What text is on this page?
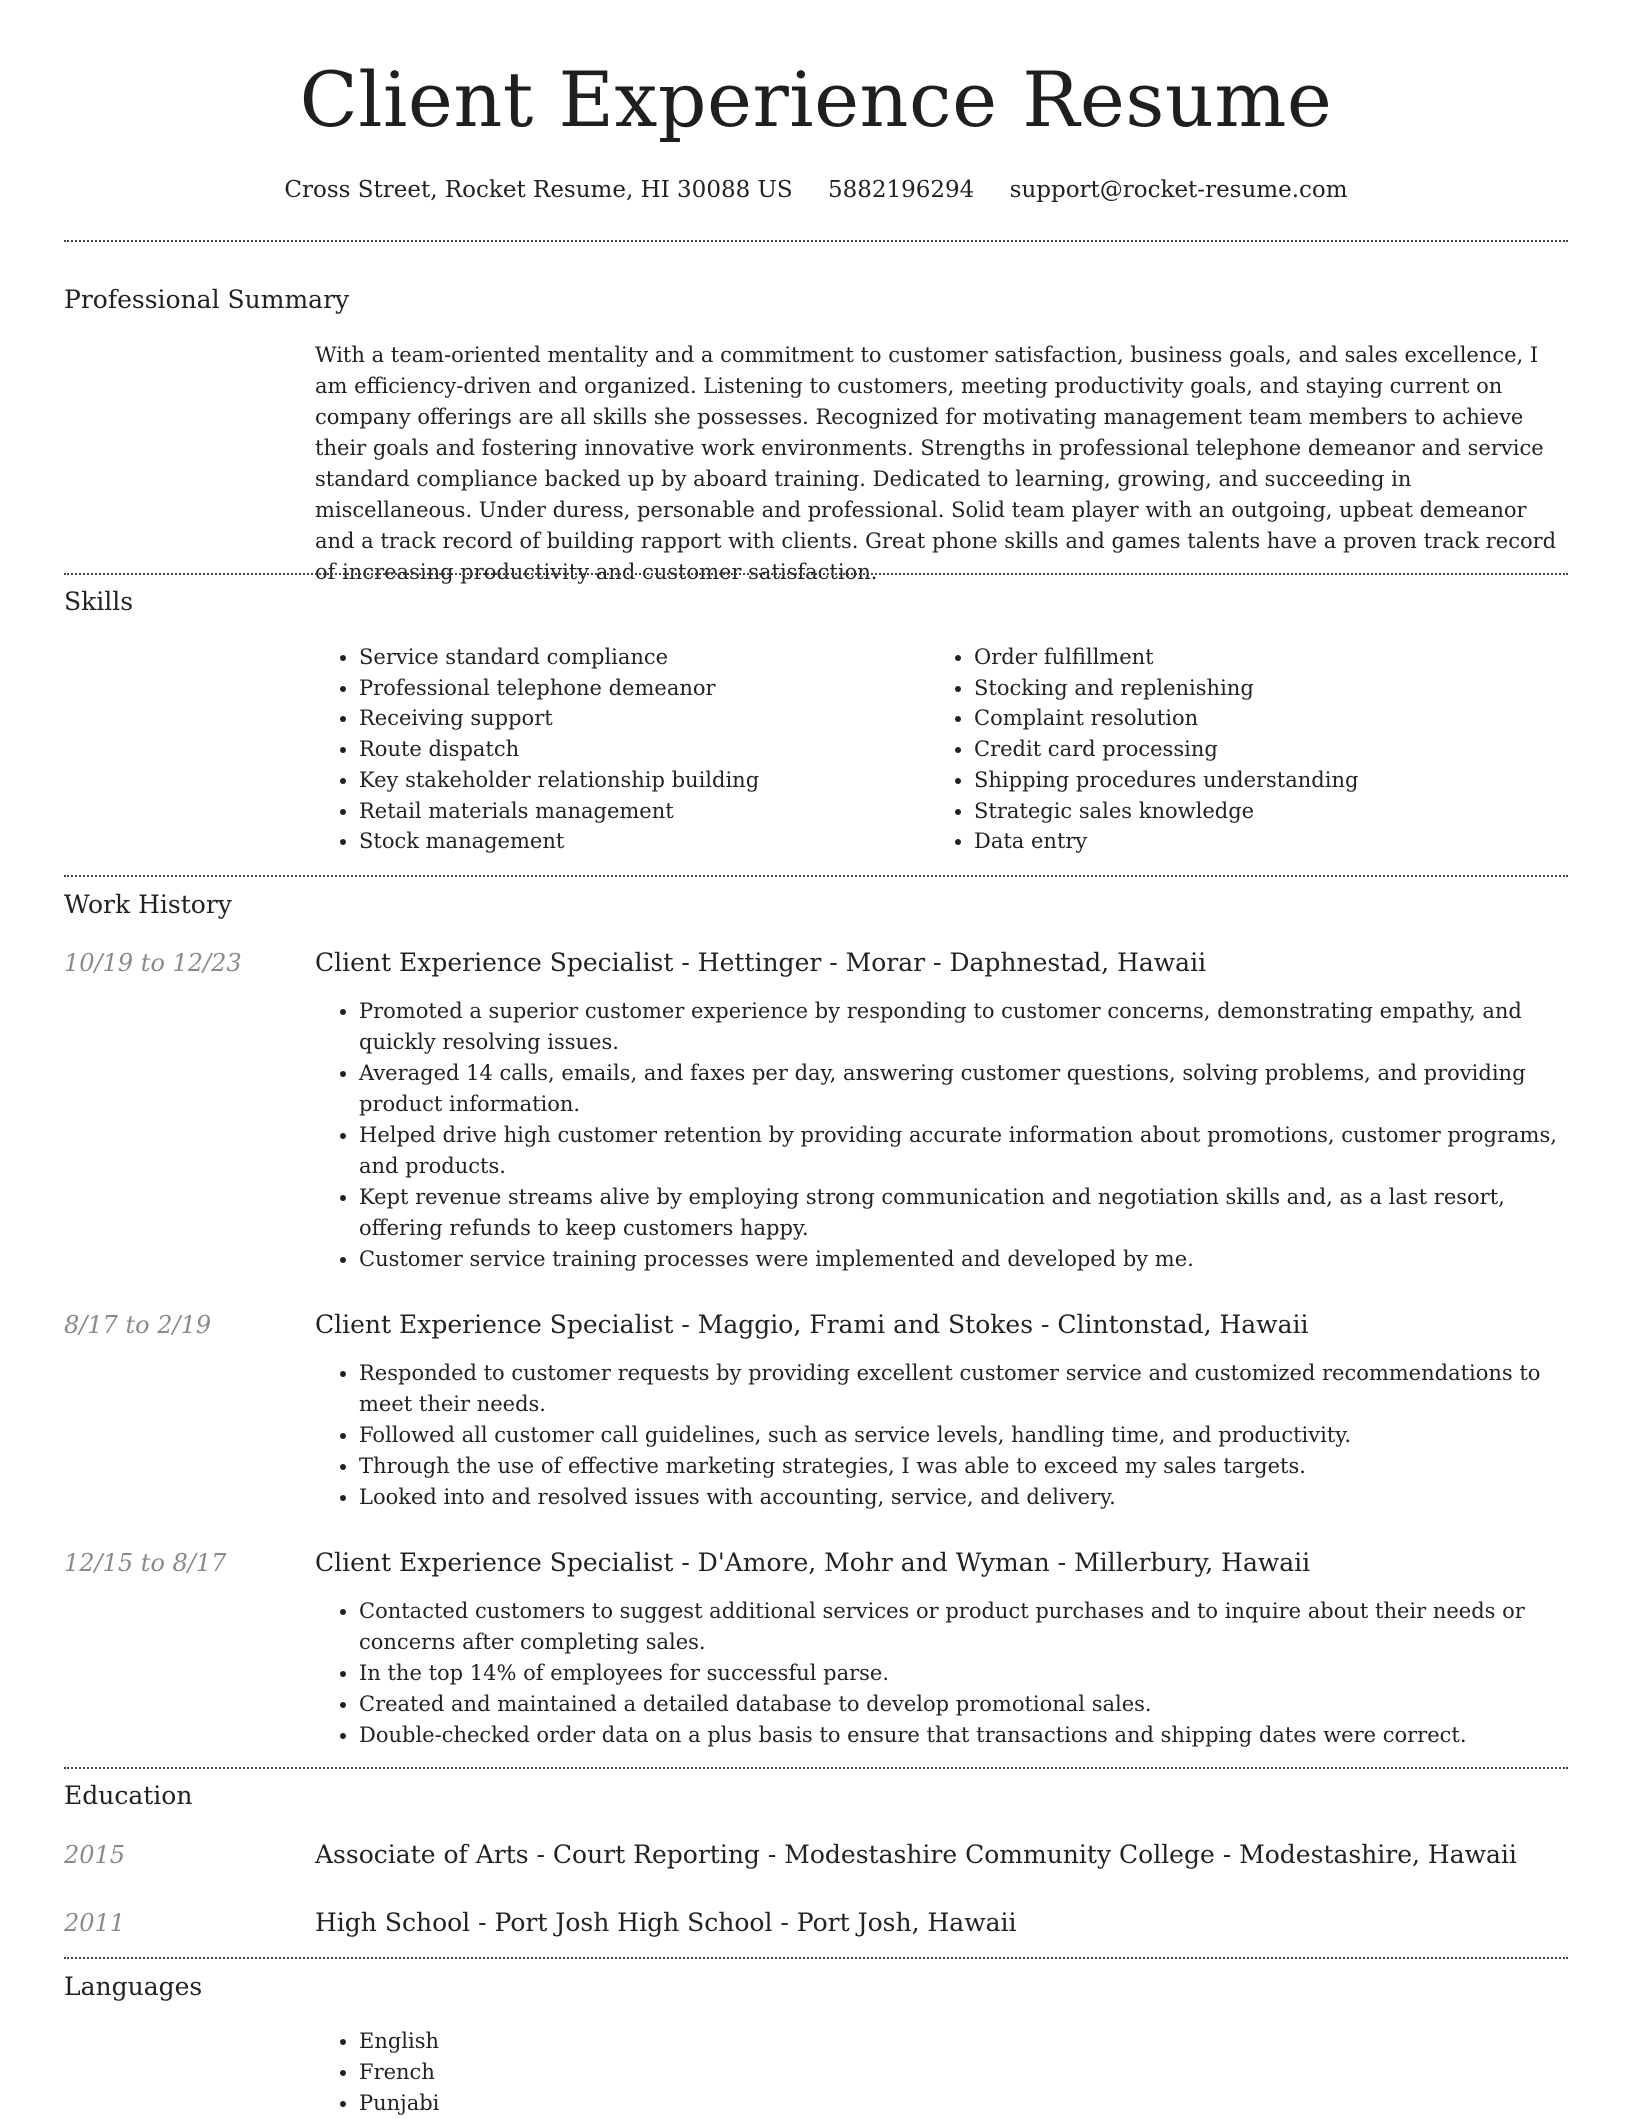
Client Experience Resume
Cross Street, Rocket Resume, HI 30088 US 5882196294 support@rocket-resume.com
Professional Summary

With a team-oriented mentality and a commitment to customer satisfaction, business goals, and sales excellence, I am efficiency-driven and organized. Listening to customers, meeting productivity goals, and staying current on company offerings are all skills she possesses. Recognized for motivating management team members to achieve their goals and fostering innovative work environments. Strengths in professional telephone demeanor and service standard compliance backed up by aboard training. Dedicated to learning, growing, and succeeding in miscellaneous. Under duress, personable and professional. Solid team player with an outgoing, upbeat demeanor and a track record of building rapport with clients. Great phone skills and games talents have a proven track record of increasing productivity and customer satisfaction.

Skills
• Service standard compliance
• Professional telephone demeanor
• Receiving support
• Route dispatch
• Key stakeholder relationship building
• Retail materials management
• Stock management
• Order fulfillment
• Stocking and replenishing
• Complaint resolution
• Credit card processing
• Shipping procedures understanding
• Strategic sales knowledge
• Data entry
Work History
10/19 to 12/23	Client Experience Specialist - Hettinger - Morar - Daphnestad, Hawaii
• Promoted a superior customer experience by responding to customer concerns, demonstrating empathy, and quickly resolving issues.
• Averaged 14 calls, emails, and faxes per day, answering customer questions, solving problems, and providing product information.
• Helped drive high customer retention by providing accurate information about promotions, customer programs, and products.
• Kept revenue streams alive by employing strong communication and negotiation skills and, as a last resort, offering refunds to keep customers happy.
• Customer service training processes were implemented and developed by me.
8/17 to 2/19	Client Experience Specialist - Maggio, Frami and Stokes - Clintonstad, Hawaii
• Responded to customer requests by providing excellent customer service and customized recommendations to meet their needs.
• Followed all customer call guidelines, such as service levels, handling time, and productivity.
• Through the use of effective marketing strategies, I was able to exceed my sales targets.
• Looked into and resolved issues with accounting, service, and delivery.
12/15 to 8/17	Client Experience Specialist - D'Amore, Mohr and Wyman - Millerbury, Hawaii
• Contacted customers to suggest additional services or product purchases and to inquire about their needs or concerns after completing sales.
• In the top 14% of employees for successful parse.
• Created and maintained a detailed database to develop promotional sales.
• Double-checked order data on a plus basis to ensure that transactions and shipping dates were correct.
Education
2015	Associate of Arts - Court Reporting - Modestashire Community College - Modestashire, Hawaii
2011	High School - Port Josh High School - Port Josh, Hawaii
Languages
• English
• French
• Punjabi
